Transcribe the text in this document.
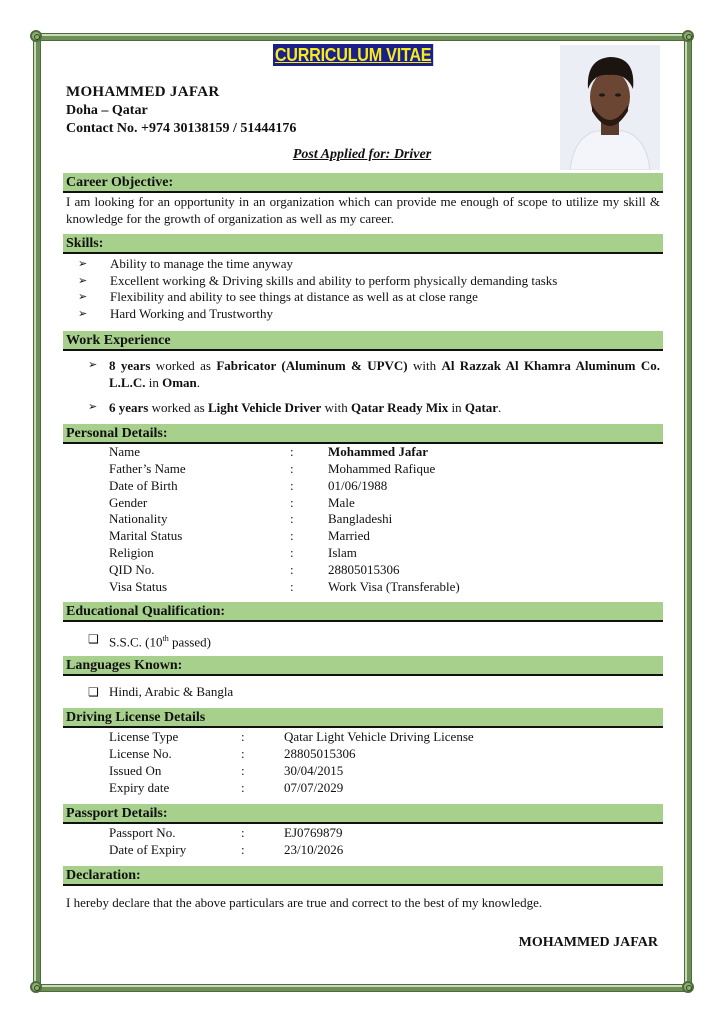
CURRICULUM VITAE
MOHAMMED JAFAR
Doha – Qatar
Contact No. +974 30138159 / 51444176
Post Applied for: Driver
Career Objective:
I am looking for an opportunity in an organization which can provide me enough of scope to utilize my skill & knowledge for the growth of organization as well as my career.
Skills:
➢ Ability to manage the time anyway
➢ Excellent working & Driving skills and ability to perform physically demanding tasks
➢ Flexibility and ability to see things at distance as well as at close range
➢ Hard Working and Trustworthy
Work Experience
➢ 8 years worked as Fabricator (Aluminum & UPVC) with Al Razzak Al Khamra Aluminum Co. L.L.C. in Oman.
➢ 6 years worked as Light Vehicle Driver with Qatar Ready Mix in Qatar.
Personal Details:
Name	:	Mohammed Jafar
Father’s Name	:	Mohammed Rafique
Date of Birth	:	01/06/1988
Gender	:	Male
Nationality	:	Bangladeshi
Marital Status	:	Married
Religion	:	Islam
QID No.	:	28805015306
Visa Status	:	Work Visa (Transferable)
Educational Qualification:
❑ S.S.C. (10th passed)
Languages Known:
❑ Hindi, Arabic & Bangla
Driving License Details
License Type	:	Qatar Light Vehicle Driving License
License No.	:	28805015306
Issued On	:	30/04/2015
Expiry date	:	07/07/2029
Passport Details:
Passport No.	:	EJ0769879
Date of Expiry	:	23/10/2026
Declaration:
I hereby declare that the above particulars are true and correct to the best of my knowledge.
MOHAMMED JAFAR
